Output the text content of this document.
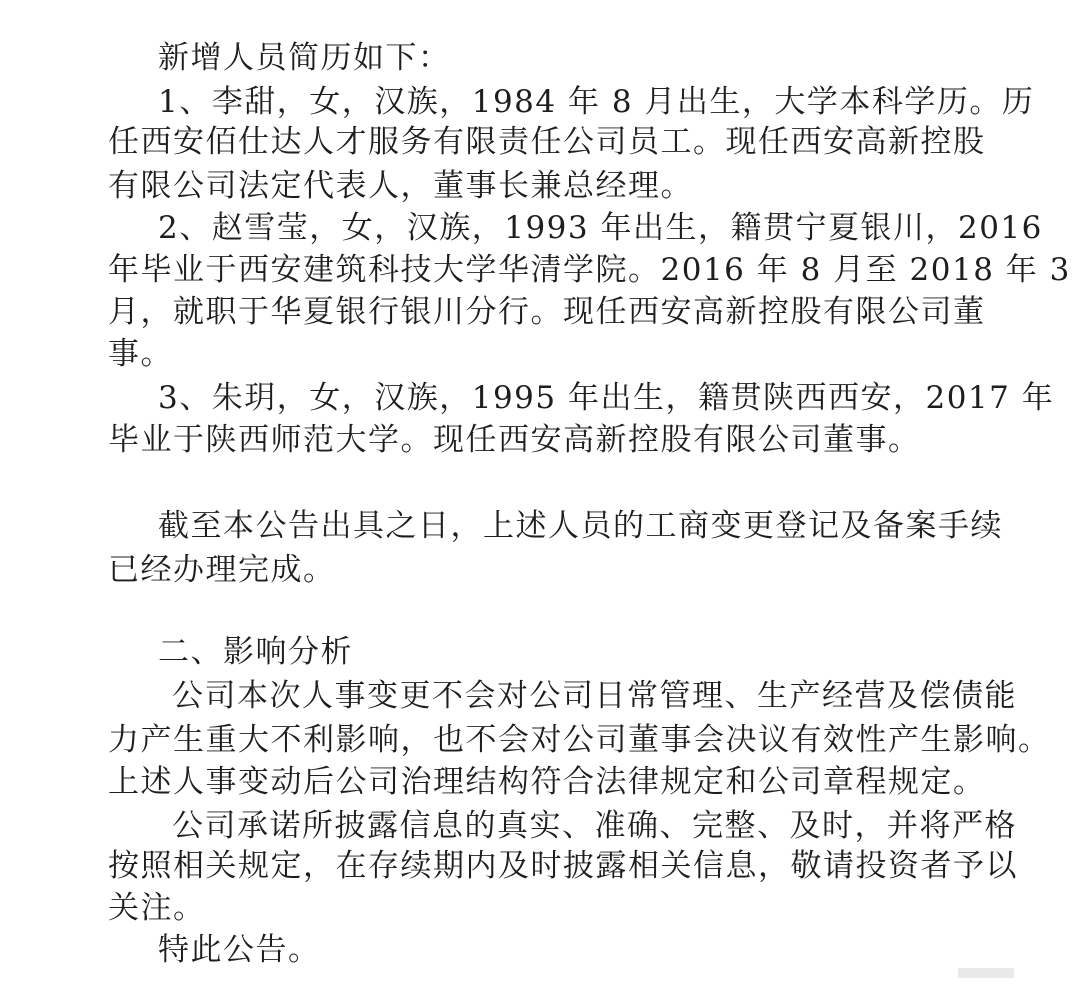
新增人员简历如下：
1、李甜，女，汉族，1984 年 8 月出生，大学本科学历。历
任西安佰仕达人才服务有限责任公司员工。现任西安高新控股
有限公司法定代表人，董事长兼总经理。
2、赵雪莹，女，汉族，1993 年出生，籍贯宁夏银川，2016
年毕业于西安建筑科技大学华清学院。2016 年 8 月至 2018 年 3
月，就职于华夏银行银川分行。现任西安高新控股有限公司董
事。
3、朱玥，女，汉族，1995 年出生，籍贯陕西西安，2017 年
毕业于陕西师范大学。现任西安高新控股有限公司董事。
截至本公告出具之日，上述人员的工商变更登记及备案手续
已经办理完成。
二、影响分析
公司本次人事变更不会对公司日常管理、生产经营及偿债能
力产生重大不利影响，也不会对公司董事会决议有效性产生影响。
上述人事变动后公司治理结构符合法律规定和公司章程规定。
公司承诺所披露信息的真实、准确、完整、及时，并将严格
按照相关规定，在存续期内及时披露相关信息，敬请投资者予以
关注。
特此公告。
